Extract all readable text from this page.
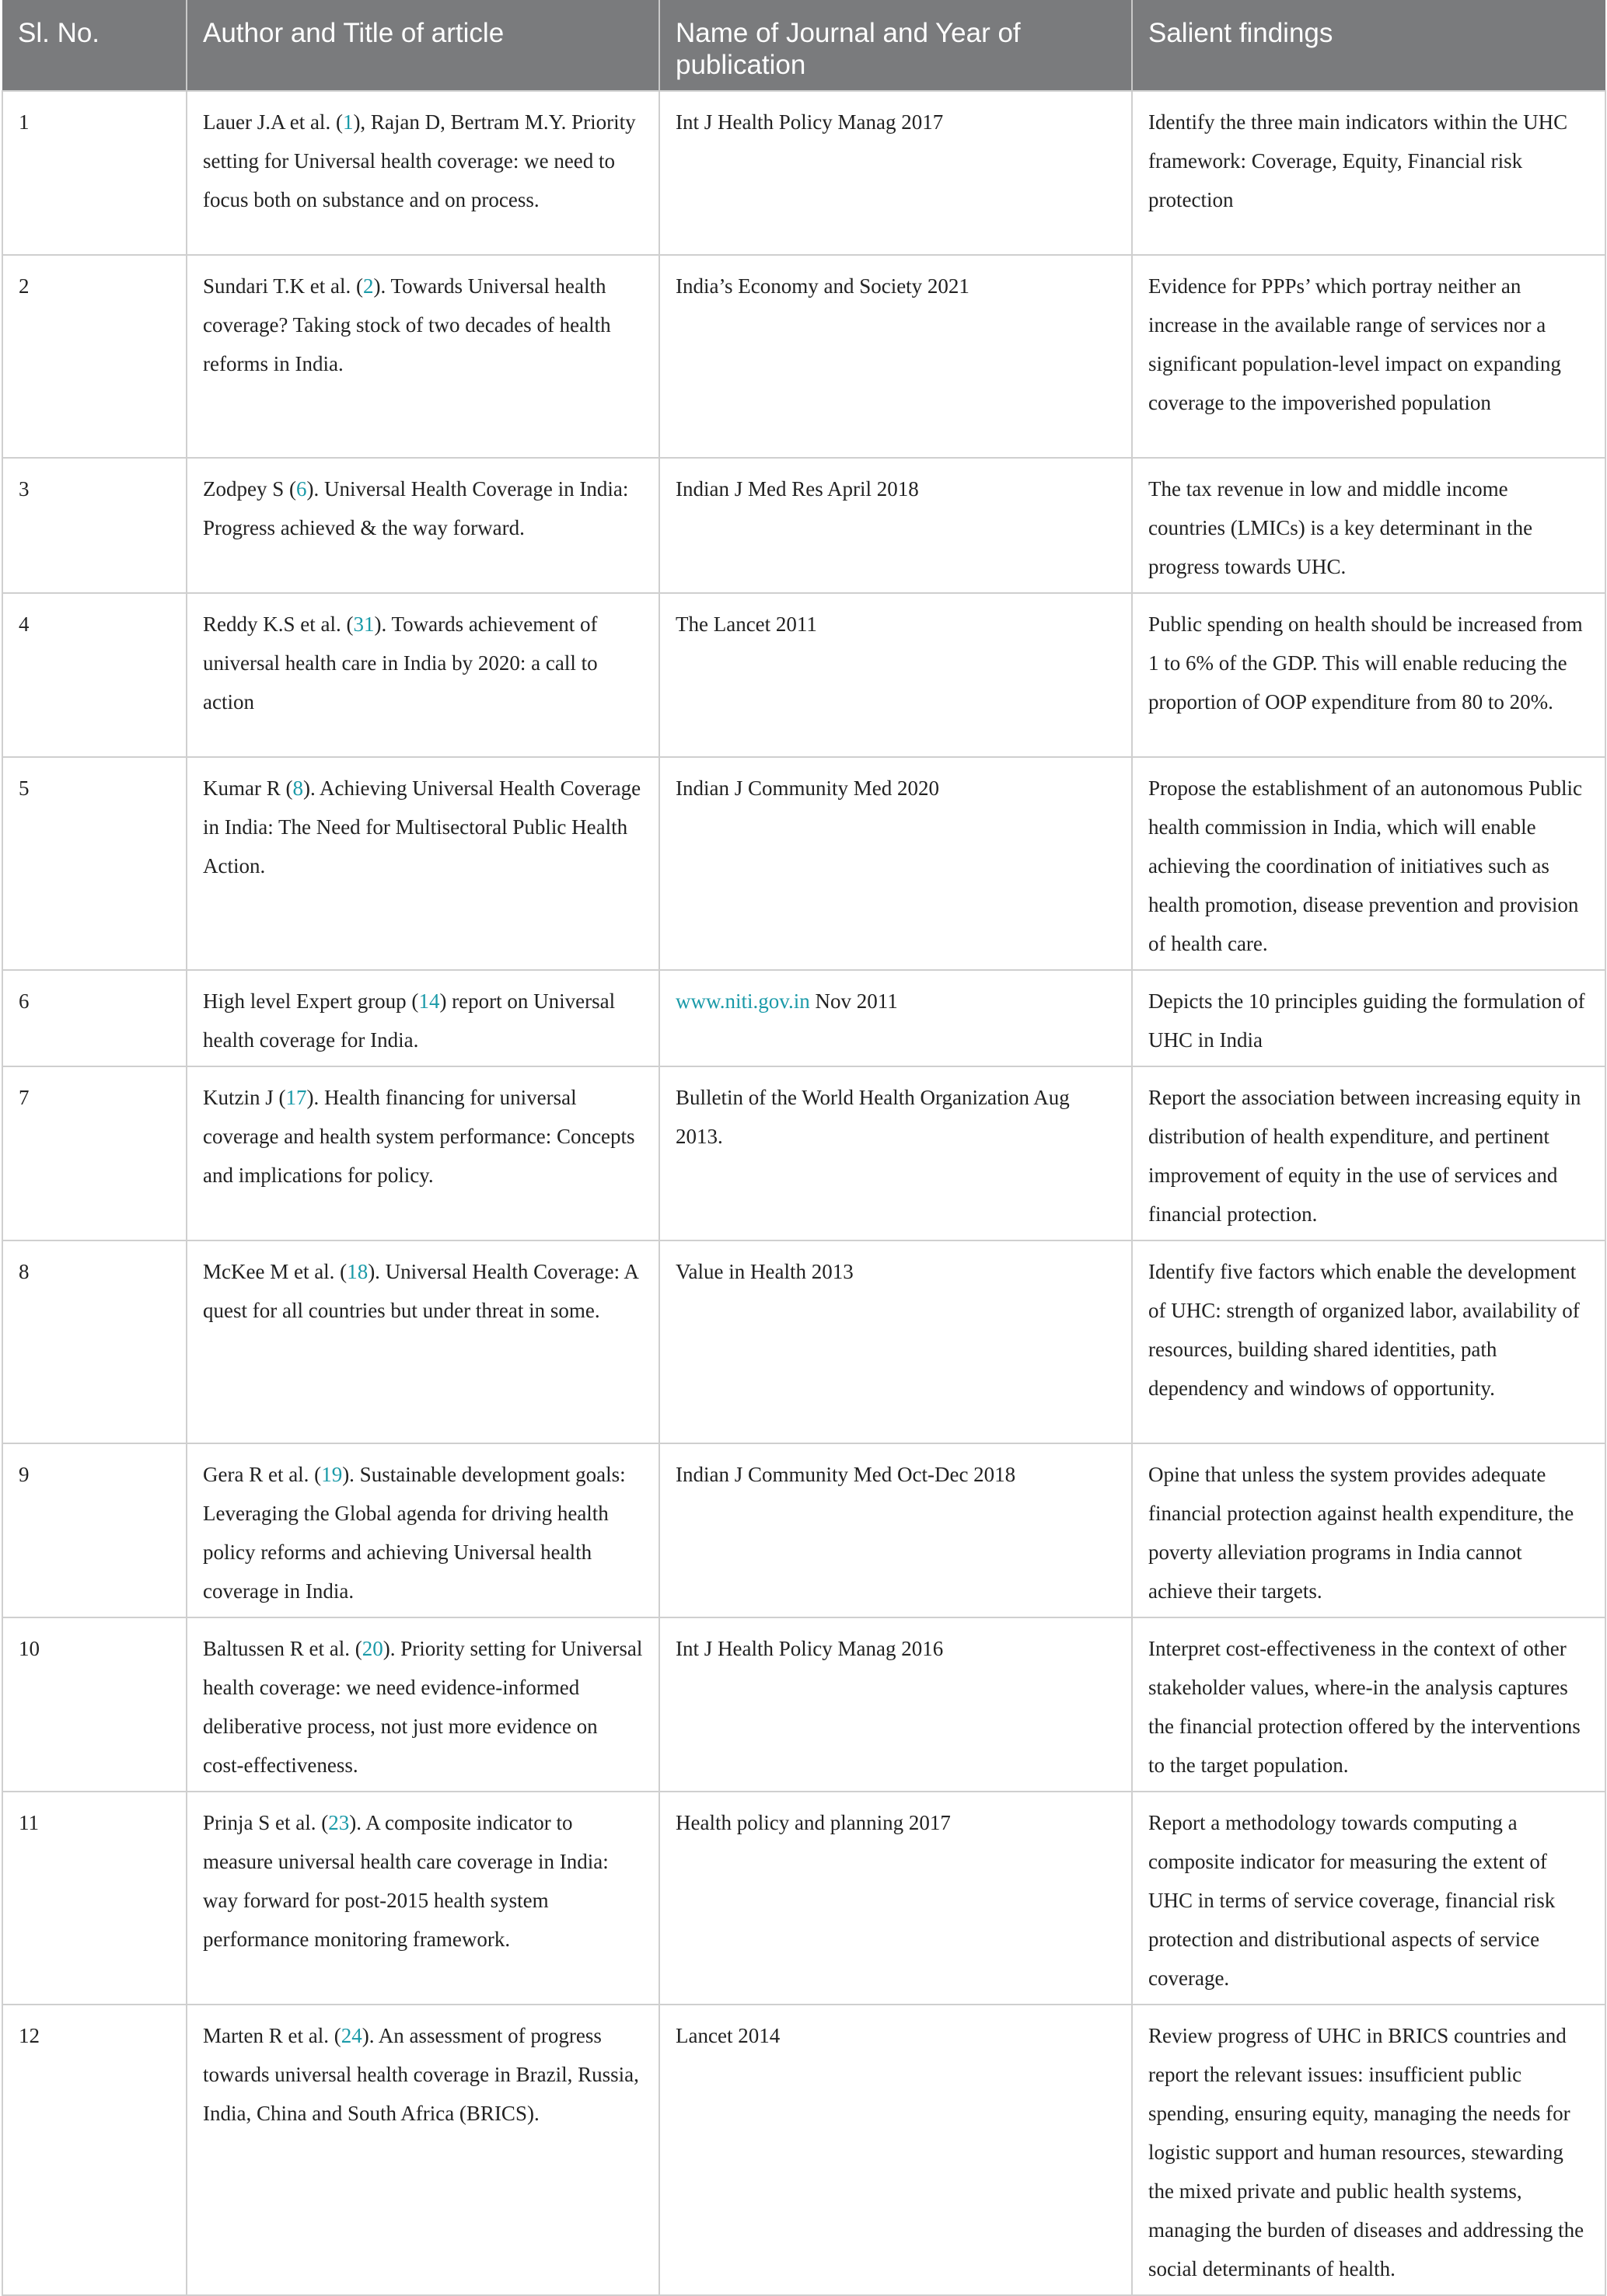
Sl. No.	Author and Title of article	Name of Journal and Year of publication	Salient findings
1	Lauer J.A et al. (1), Rajan D, Bertram M.Y. Priority setting for Universal health coverage: we need to focus both on substance and on process.	Int J Health Policy Manag 2017	Identify the three main indicators within the UHC framework: Coverage, Equity, Financial risk protection
2	Sundari T.K et al. (2). Towards Universal health coverage? Taking stock of two decades of health reforms in India.	India’s Economy and Society 2021	Evidence for PPPs’ which portray neither an increase in the available range of services nor a significant population-level impact on expanding coverage to the impoverished population
3	Zodpey S (6). Universal Health Coverage in India: Progress achieved & the way forward.	Indian J Med Res April 2018	The tax revenue in low and middle income countries (LMICs) is a key determinant in the progress towards UHC.
4	Reddy K.S et al. (31). Towards achievement of universal health care in India by 2020: a call to action	The Lancet 2011	Public spending on health should be increased from 1 to 6% of the GDP. This will enable reducing the proportion of OOP expenditure from 80 to 20%.
5	Kumar R (8). Achieving Universal Health Coverage in India: The Need for Multisectoral Public Health Action.	Indian J Community Med 2020	Propose the establishment of an autonomous Public health commission in India, which will enable achieving the coordination of initiatives such as health promotion, disease prevention and provision of health care.
6	High level Expert group (14) report on Universal health coverage for India.	www.niti.gov.in Nov 2011	Depicts the 10 principles guiding the formulation of UHC in India
7	Kutzin J (17). Health financing for universal coverage and health system performance: Concepts and implications for policy.	Bulletin of the World Health Organization Aug 2013.	Report the association between increasing equity in distribution of health expenditure, and pertinent improvement of equity in the use of services and financial protection.
8	McKee M et al. (18). Universal Health Coverage: A quest for all countries but under threat in some.	Value in Health 2013	Identify five factors which enable the development of UHC: strength of organized labor, availability of resources, building shared identities, path dependency and windows of opportunity.
9	Gera R et al. (19). Sustainable development goals: Leveraging the Global agenda for driving health policy reforms and achieving Universal health coverage in India.	Indian J Community Med Oct-Dec 2018	Opine that unless the system provides adequate financial protection against health expenditure, the poverty alleviation programs in India cannot achieve their targets.
10	Baltussen R et al. (20). Priority setting for Universal health coverage: we need evidence-informed deliberative process, not just more evidence on cost-effectiveness.	Int J Health Policy Manag 2016	Interpret cost-effectiveness in the context of other stakeholder values, where-in the analysis captures the financial protection offered by the interventions to the target population.
11	Prinja S et al. (23). A composite indicator to measure universal health care coverage in India: way forward for post-2015 health system performance monitoring framework.	Health policy and planning 2017	Report a methodology towards computing a composite indicator for measuring the extent of UHC in terms of service coverage, financial risk protection and distributional aspects of service coverage.
12	Marten R et al. (24). An assessment of progress towards universal health coverage in Brazil, Russia, India, China and South Africa (BRICS).	Lancet 2014	Review progress of UHC in BRICS countries and report the relevant issues: insufficient public spending, ensuring equity, managing the needs for logistic support and human resources, stewarding the mixed private and public health systems, managing the burden of diseases and addressing the social determinants of health.
